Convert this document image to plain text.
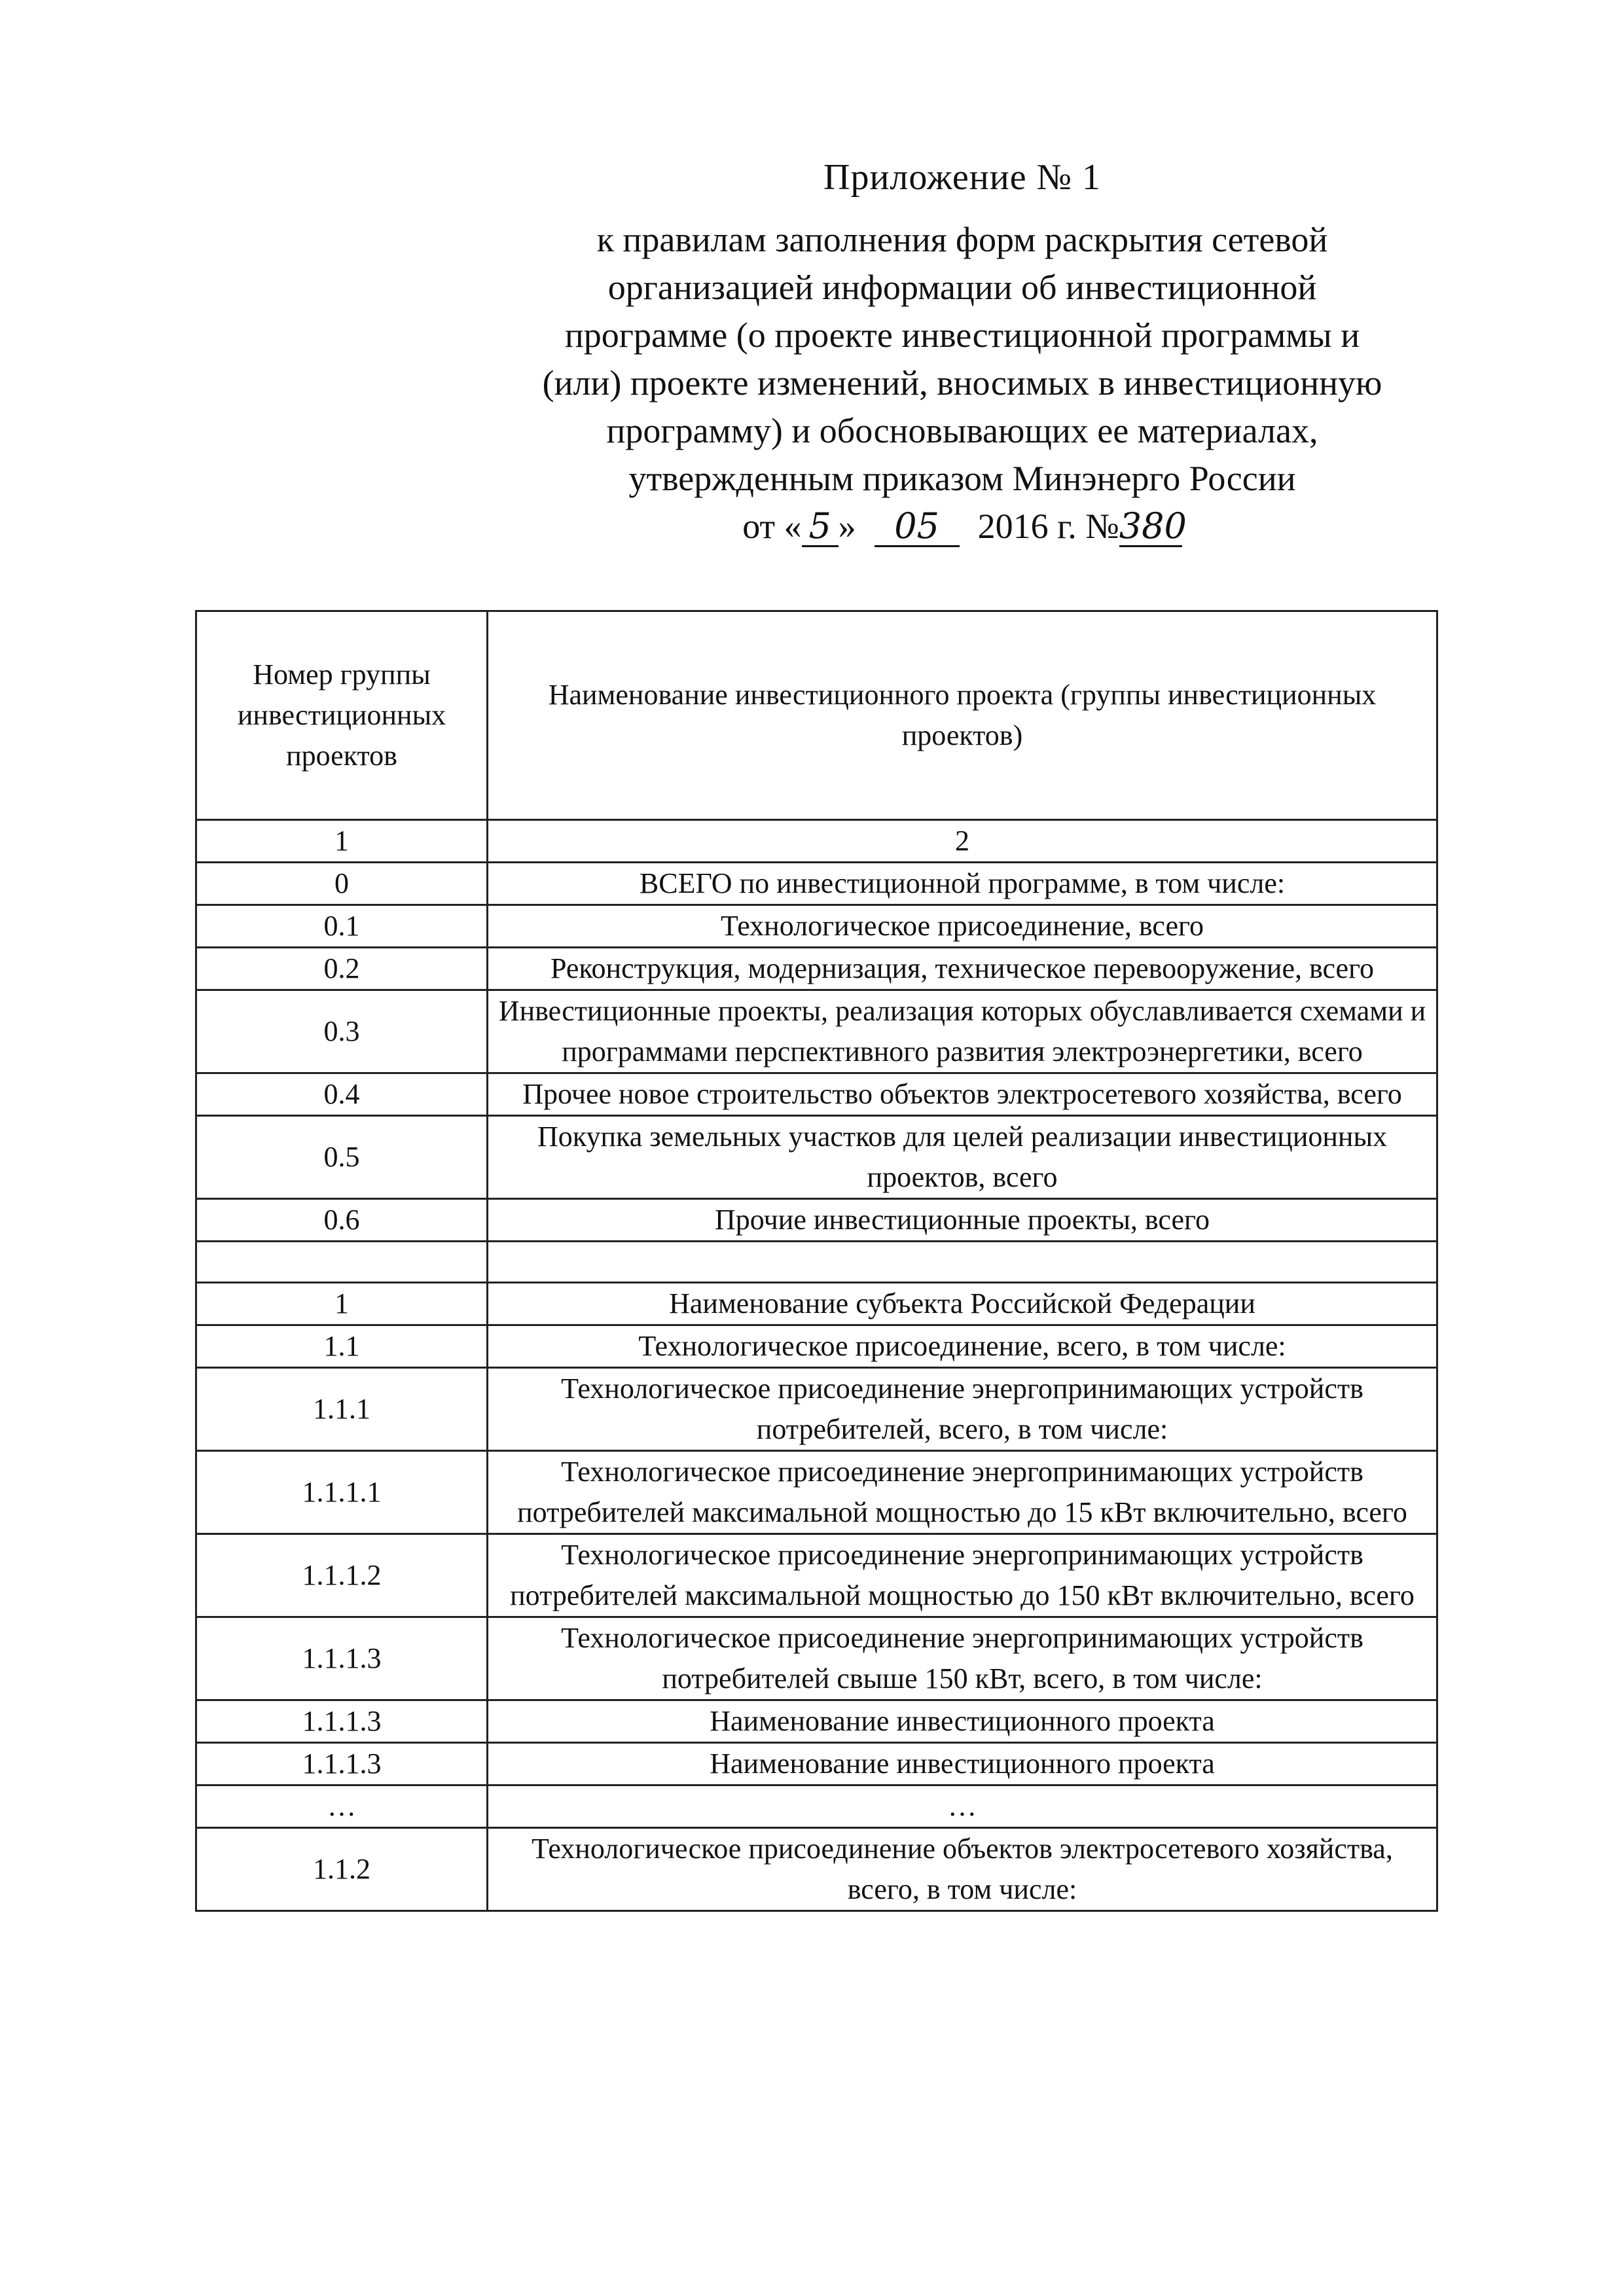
Приложение № 1
к правилам заполнения форм раскрытия сетевой
организацией информации об инвестиционной
программе (о проекте инвестиционной программы и
(или) проекте изменений, вносимых в инвестиционную
программу) и обосновывающих ее материалах,
утвержденным приказом Минэнерго России
от « 5 » 05 2016 г. №380
Номер группы инвестиционных проектов	Наименование инвестиционного проекта (группы инвестиционных проектов)
1	2
0	ВСЕГО по инвестиционной программе, в том числе:
0.1	Технологическое присоединение, всего
0.2	Реконструкция, модернизация, техническое перевооружение, всего
0.3	Инвестиционные проекты, реализация которых обуславливается схемами и программами перспективного развития электроэнергетики, всего
0.4	Прочее новое строительство объектов электросетевого хозяйства, всего
0.5	Покупка земельных участков для целей реализации инвестиционных проектов, всего
0.6	Прочие инвестиционные проекты, всего

1	Наименование субъекта Российской Федерации
1.1	Технологическое присоединение, всего, в том числе:
1.1.1	Технологическое присоединение энергопринимающих устройств потребителей, всего, в том числе:
1.1.1.1	Технологическое присоединение энергопринимающих устройств потребителей максимальной мощностью до 15 кВт включительно, всего
1.1.1.2	Технологическое присоединение энергопринимающих устройств потребителей максимальной мощностью до 150 кВт включительно, всего
1.1.1.3	Технологическое присоединение энергопринимающих устройств потребителей свыше 150 кВт, всего, в том числе:
1.1.1.3	Наименование инвестиционного проекта
1.1.1.3	Наименование инвестиционного проекта
…	…
1.1.2	Технологическое присоединение объектов электросетевого хозяйства, всего, в том числе:
